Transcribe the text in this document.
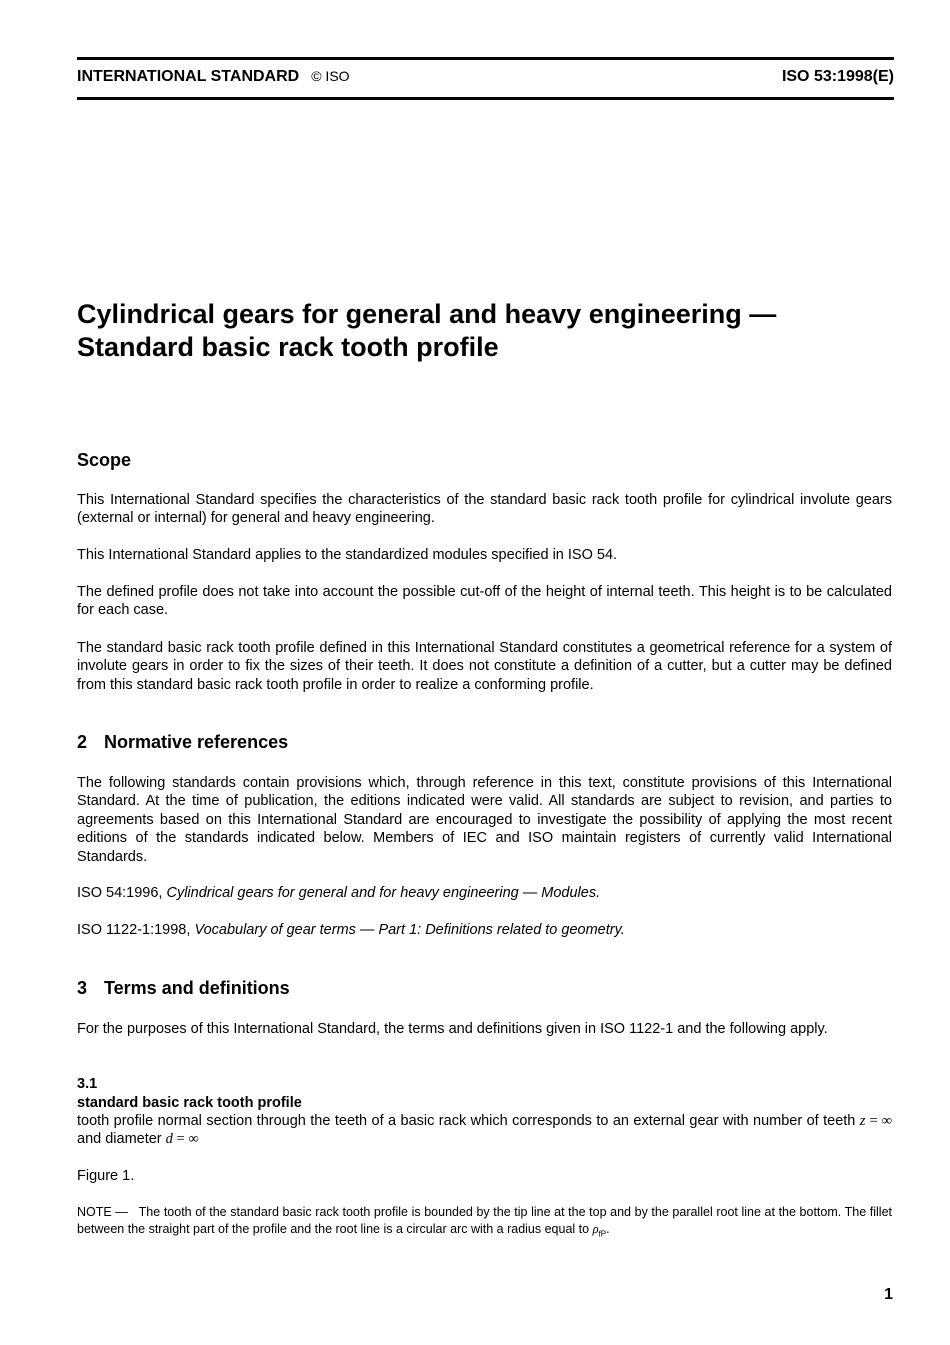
INTERNATIONAL STANDARD © ISO	ISO 53:1998(E)
Cylindrical gears for general and heavy engineering —
Standard basic rack tooth profile
Scope
This International Standard specifies the characteristics of the standard basic rack tooth profile for cylindrical involute gears (external or internal) for general and heavy engineering.
This International Standard applies to the standardized modules specified in ISO 54.
The defined profile does not take into account the possible cut-off of the height of internal teeth. This height is to be calculated for each case.
The standard basic rack tooth profile defined in this International Standard constitutes a geometrical reference for a system of involute gears in order to fix the sizes of their teeth. It does not constitute a definition of a cutter, but a cutter may be defined from this standard basic rack tooth profile in order to realize a conforming profile.
2 Normative references
The following standards contain provisions which, through reference in this text, constitute provisions of this International Standard. At the time of publication, the editions indicated were valid. All standards are subject to revision, and parties to agreements based on this International Standard are encouraged to investigate the possibility of applying the most recent editions of the standards indicated below. Members of IEC and ISO maintain registers of currently valid International Standards.
ISO 54:1996, Cylindrical gears for general and for heavy engineering — Modules.
ISO 1122-1:1998, Vocabulary of gear terms — Part 1: Definitions related to geometry.
3 Terms and definitions
For the purposes of this International Standard, the terms and definitions given in ISO 1122-1 and the following apply.
3.1
standard basic rack tooth profile
tooth profile normal section through the teeth of a basic rack which corresponds to an external gear with number of teeth z = ∞ and diameter d = ∞
Figure 1.
NOTE — The tooth of the standard basic rack tooth profile is bounded by the tip line at the top and by the parallel root line at the bottom. The fillet between the straight part of the profile and the root line is a circular arc with a radius equal to $\rho_{fP}$.
1
